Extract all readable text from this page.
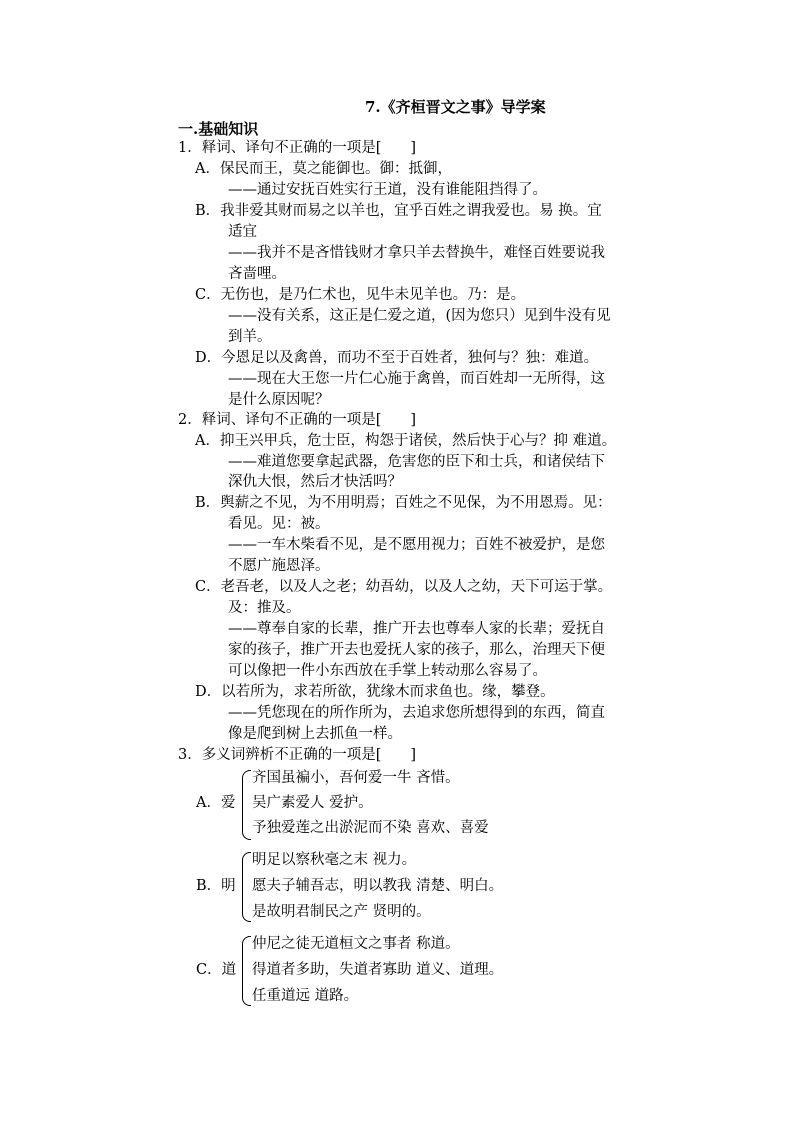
7.《齐桓晋文之事》导学案
一.基础知识
1．释词、译句不正确的一项是[　　]
A．保民而王，莫之能御也。御：抵御，
——通过安抚百姓实行王道，没有谁能阻挡得了。
B．我非爱其财而易之以羊也，宜乎百姓之谓我爱也。易 换。宜
适宜
——我并不是吝惜钱财才拿只羊去替换牛，难怪百姓要说我
吝啬哩。
C．无伤也，是乃仁术也，见牛未见羊也。乃：是。
——没有关系，这正是仁爱之道，(因为您只）见到牛没有见
到羊。
D．今恩足以及禽兽，而功不至于百姓者，独何与？独：难道。
——现在大王您一片仁心施于禽兽，而百姓却一无所得，这
是什么原因呢？
2．释词、译句不正确的一项是[　　]
A．抑王兴甲兵，危士臣，构怨于诸侯，然后快于心与？抑 难道。
——难道您要拿起武器，危害您的臣下和士兵，和诸侯结下
深仇大恨，然后才快活吗？
B．舆薪之不见，为不用明焉；百姓之不见保，为不用恩焉。见：
看见。见：被。
——一车木柴看不见，是不愿用视力；百姓不被爱护，是您
不愿广施恩泽。
C．老吾老，以及人之老；幼吾幼，以及人之幼，天下可运于掌。
及：推及。
——尊奉自家的长辈，推广开去也尊奉人家的长辈；爱抚自
家的孩子，推广开去也爱抚人家的孩子，那么，治理天下便
可以像把一件小东西放在手掌上转动那么容易了。
D．以若所为，求若所欲，犹缘木而求鱼也。缘，攀登。
——凭您现在的所作所为，去追求您所想得到的东西，简直
像是爬到树上去抓鱼一样。
3．多义词辨析不正确的一项是[　　]
A．爱
齐国虽褊小，吾何爱一牛 吝惜。
吴广素爱人 爱护。
予独爱莲之出淤泥而不染 喜欢、喜爱
B．明
明足以察秋毫之末 视力。
愿夫子辅吾志，明以教我 清楚、明白。
是故明君制民之产 贤明的。
C．道
仲尼之徒无道桓文之事者 称道。
得道者多助，失道者寡助 道义、道理。
任重道远 道路。
